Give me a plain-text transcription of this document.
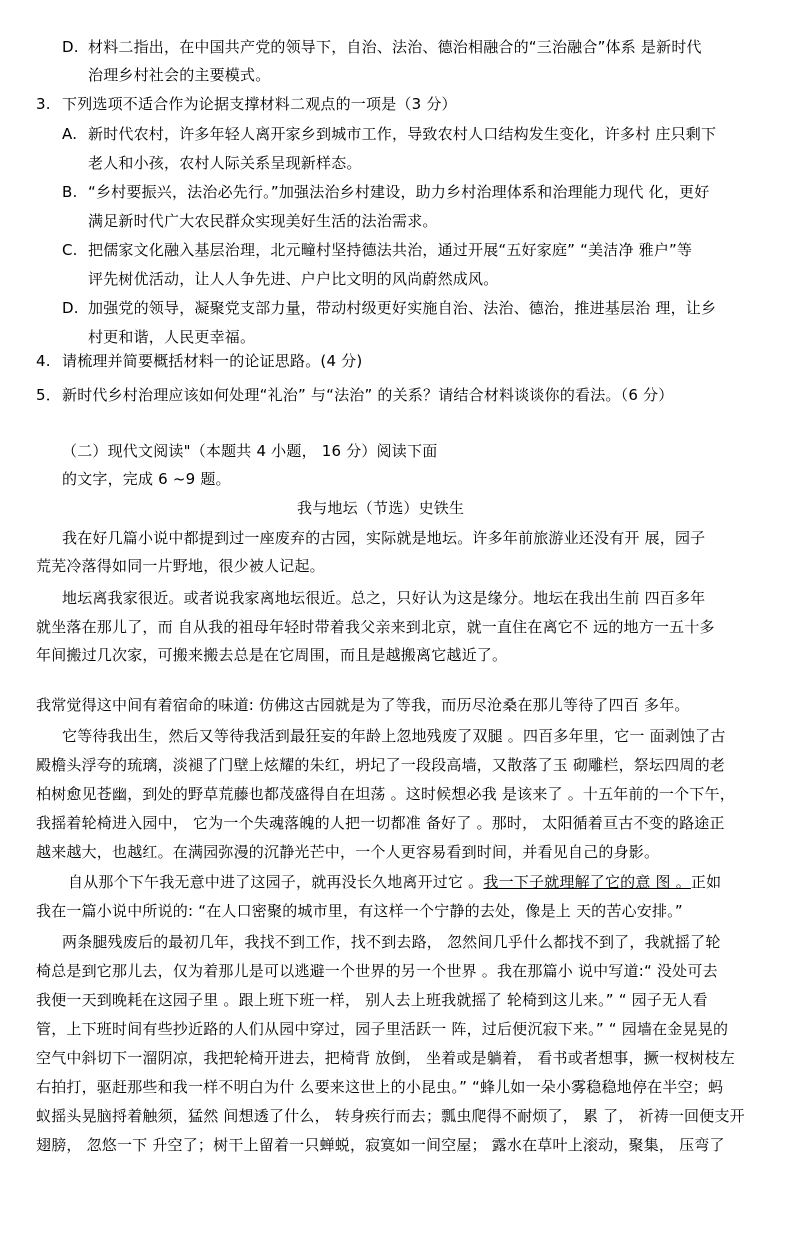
D. 材料二指出，在中国共产党的领导下，自治、法治、德治相融合的“三治融合”体系 是新时代
治理乡村社会的主要模式。
3. 下列选项不适合作为论据支撑材料二观点的一项是（3 分）
A. 新时代农村，许多年轻人离开家乡到城市工作，导致农村人口结构发生变化，许多村 庄只剩下
老人和小孩，农村人际关系呈现新样态。
B. “乡村要振兴，法治必先行。”加强法治乡村建设，助力乡村治理体系和治理能力现代 化，更好
满足新时代广大农民群众实现美好生活的法治需求。
C. 把儒家文化融入基层治理，北元疃村坚持德法共治，通过开展“五好家庭” “美洁净 雅户”等
评先树优活动，让人人争先进、户户比文明的风尚蔚然成风。
D. 加强党的领导，凝聚党支部力量，带动村级更好实施自治、法治、德治，推进基层治 理，让乡
村更和谐，人民更幸福。
4. 请梳理并简要概括材料一的论证思路。(4 分)
5． 新时代乡村治理应该如何处理“礼治” 与“法治” 的关系？请结合材料谈谈你的看法。（6 分）
（二）现代文阅读"（本题共 4 小题， 16 分）阅读下面
的文字，完成 6 ~9 题。
我与地坛（节选）史铁生
我在好几篇小说中都提到过一座废弃的古园，实际就是地坛。许多年前旅游业还没有开 展，园子
荒芜冷落得如同一片野地，很少被人记起。
地坛离我家很近。或者说我家离地坛很近。总之，只好认为这是缘分。地坛在我出生前 四百多年
就坐落在那儿了，而 自从我的祖母年轻时带着我父亲来到北京，就一直住在离它不 远的地方一五十多
年间搬过几次家，可搬来搬去总是在它周围，而且是越搬离它越近了。
我常觉得这中间有着宿命的味道: 仿佛这古园就是为了等我，而历尽沧桑在那儿等待了四百 多年。
它等待我出生，然后又等待我活到最狂妄的年龄上忽地残废了双腿 。四百多年里，它一 面剥蚀了古
殿檐头浮夸的琉璃，淡褪了门壁上炫耀的朱红，坍圮了一段段高墙，又散落了玉 砌雕栏，祭坛四周的老
柏树愈见苍幽，到处的野草荒藤也都茂盛得自在坦荡 。这时候想必我 是该来了 。十五年前的一个下午，
我摇着轮椅进入园中， 它为一个失魂落魄的人把一切都准 备好了 。那时， 太阳循着亘古不变的路途正
越来越大，也越红。在满园弥漫的沉静光芒中，一个人更容易看到时间，并看见自己的身影。
自从那个下午我无意中进了这园子，就再没长久地离开过它 。我一下子就理解了它的意 图 。正如
我在一篇小说中所说的: “在人口密聚的城市里，有这样一个宁静的去处，像是上 天的苦心安排。”
两条腿残废后的最初几年，我找不到工作，找不到去路， 忽然间几乎什么都找不到了，我就摇了轮
椅总是到它那儿去，仅为着那儿是可以逃避一个世界的另一个世界 。我在那篇小 说中写道:“ 没处可去
我便一天到晚耗在这园子里 。跟上班下班一样， 别人去上班我就摇了 轮椅到这儿来。” “ 园子无人看
管，上下班时间有些抄近路的人们从园中穿过，园子里活跃一 阵，过后便沉寂下来。” “ 园墙在金晃晃的
空气中斜切下一溜阴凉，我把轮椅开进去，把椅背 放倒， 坐着或是躺着， 看书或者想事，撅一杈树枝左
右拍打，驱赶那些和我一样不明白为什 么要来这世上的小昆虫。” “蜂儿如一朵小雾稳稳地停在半空；蚂
蚁摇头晃脑捋着触须，猛然 间想透了什么， 转身疾行而去；瓢虫爬得不耐烦了， 累 了， 祈祷一回便支开
翅膀， 忽悠一下 升空了；树干上留着一只蝉蜕，寂寞如一间空屋； 露水在草叶上滚动，聚集， 压弯了
